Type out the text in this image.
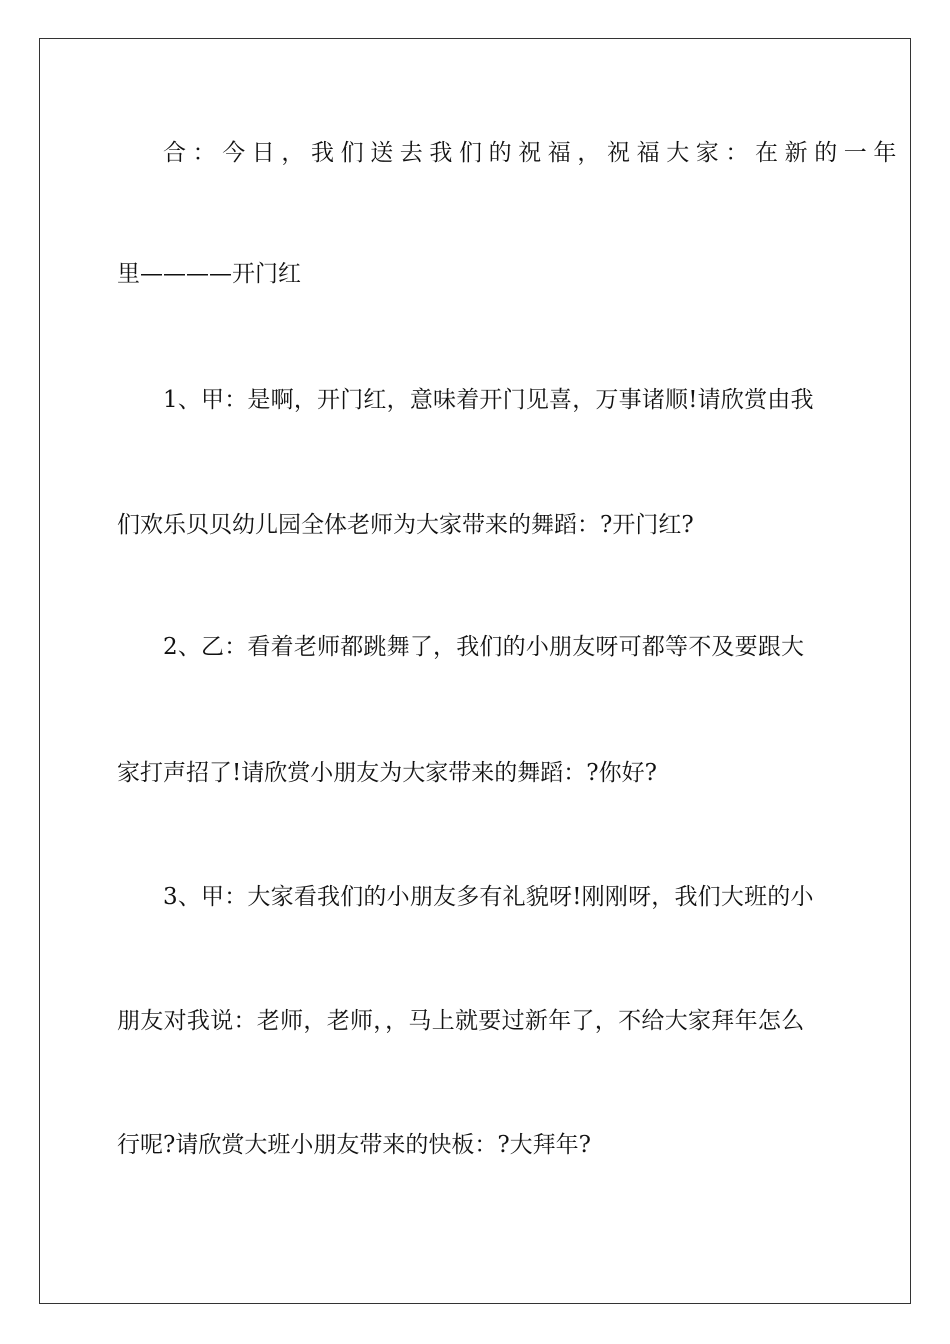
合：今日，我们送去我们的祝福，祝福大家：在新的一年
里————开门红
1、甲：是啊，开门红，意味着开门见喜，万事诸顺!请欣赏由我
们欢乐贝贝幼儿园全体老师为大家带来的舞蹈：?开门红?
2、乙：看着老师都跳舞了，我们的小朋友呀可都等不及要跟大
家打声招了!请欣赏小朋友为大家带来的舞蹈：?你好?
3、甲：大家看我们的小朋友多有礼貌呀!刚刚呀，我们大班的小
朋友对我说：老师，老师，，马上就要过新年了，不给大家拜年怎么
行呢?请欣赏大班小朋友带来的快板：?大拜年?
